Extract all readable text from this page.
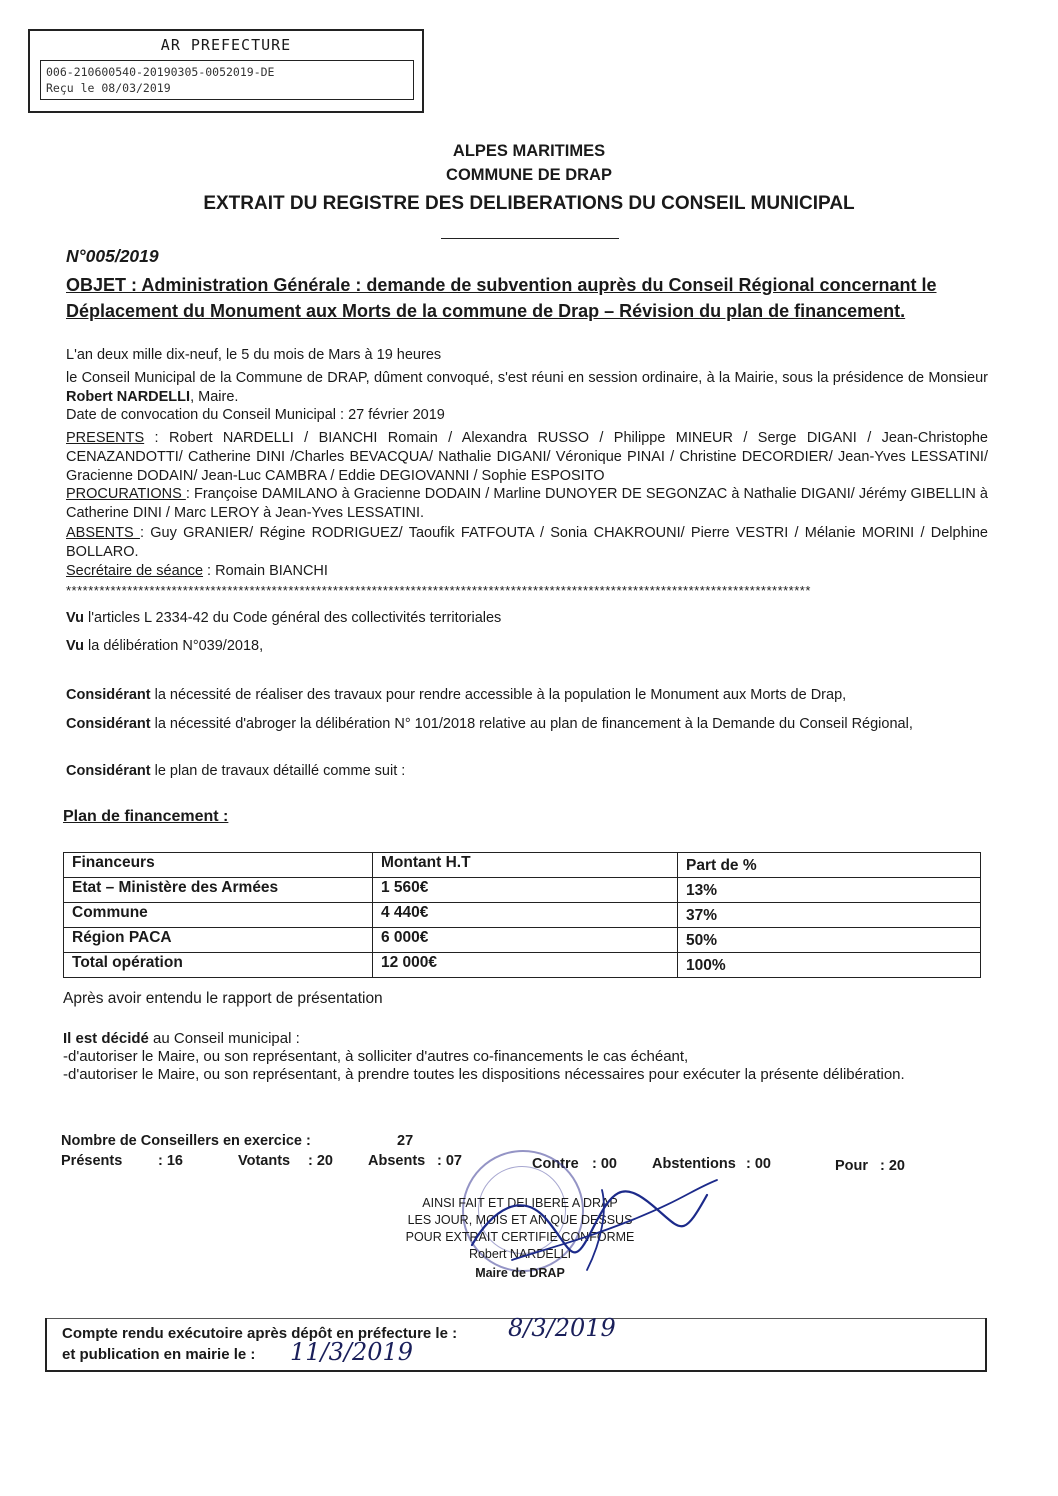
AR PREFECTURE
006-210600540-20190305-0052019-DE
Reçu le 08/03/2019
ALPES MARITIMES
COMMUNE DE DRAP
EXTRAIT DU REGISTRE DES DELIBERATIONS DU CONSEIL MUNICIPAL
N°005/2019
OBJET : Administration Générale : demande de subvention auprès du Conseil Régional concernant le Déplacement du Monument aux Morts de la commune de Drap – Révision du plan de financement.
L'an deux mille dix-neuf, le 5 du mois de Mars à 19 heures
le Conseil Municipal de la Commune de DRAP, dûment convoqué, s'est réuni en session ordinaire, à la Mairie, sous la présidence de Monsieur Robert NARDELLI, Maire.
Date de convocation du Conseil Municipal : 27 février 2019
PRESENTS : Robert NARDELLI / BIANCHI Romain / Alexandra RUSSO / Philippe MINEUR / Serge DIGANI / Jean-Christophe CENAZANDOTTI/ Catherine DINI /Charles BEVACQUA/ Nathalie DIGANI/ Véronique PINAI / Christine DECORDIER/ Jean-Yves LESSATINI/ Gracienne DODAIN/ Jean-Luc CAMBRA / Eddie DEGIOVANNI / Sophie ESPOSITO
PROCURATIONS : Françoise DAMILANO à Gracienne DODAIN / Marline DUNOYER DE SEGONZAC à Nathalie DIGANI/ Jérémy GIBELLIN à Catherine DINI / Marc LEROY à Jean-Yves LESSATINI.
ABSENTS : Guy GRANIER/ Régine RODRIGUEZ/ Taoufik FATFOUTA / Sonia CHAKROUNI/ Pierre VESTRI / Mélanie MORINI / Delphine BOLLARO.
Secrétaire de séance : Romain BIANCHI
**************************************************************************************************************************************
Vu l'articles L 2334-42 du Code général des collectivités territoriales
Vu la délibération N°039/2018,
Considérant la nécessité de réaliser des travaux pour rendre accessible à la population le Monument aux Morts de Drap,
Considérant la nécessité d'abroger la délibération N° 101/2018 relative au plan de financement à la Demande du Conseil Régional,
Considérant le plan de travaux détaillé comme suit :
Plan de financement :
Financeurs	Montant H.T	Part de %
Etat – Ministère des Armées	1 560€	13%
Commune	4 440€	37%
Région PACA	6 000€	50%
Total opération	12 000€	100%
Après avoir entendu le rapport de présentation
Il est décidé au Conseil municipal :
-d'autoriser le Maire, ou son représentant, à solliciter d'autres co-financements le cas échéant,
-d'autoriser le Maire, ou son représentant, à prendre toutes les dispositions nécessaires pour exécuter la présente délibération.
Nombre de Conseillers en exercice :	27
Présents : 16	Votants : 20 Absents : 07	Contre : 00 Abstentions : 00	Pour : 20
AINSI FAIT ET DELIBERE A DRAP
LES JOUR, MOIS ET AN QUE DESSUS
POUR EXTRAIT CERTIFIE CONFORME
Robert NARDELLI
Maire de DRAP
Compte rendu exécutoire après dépôt en préfecture le : 8/3/2019
et publication en mairie le : 11/3/2019
